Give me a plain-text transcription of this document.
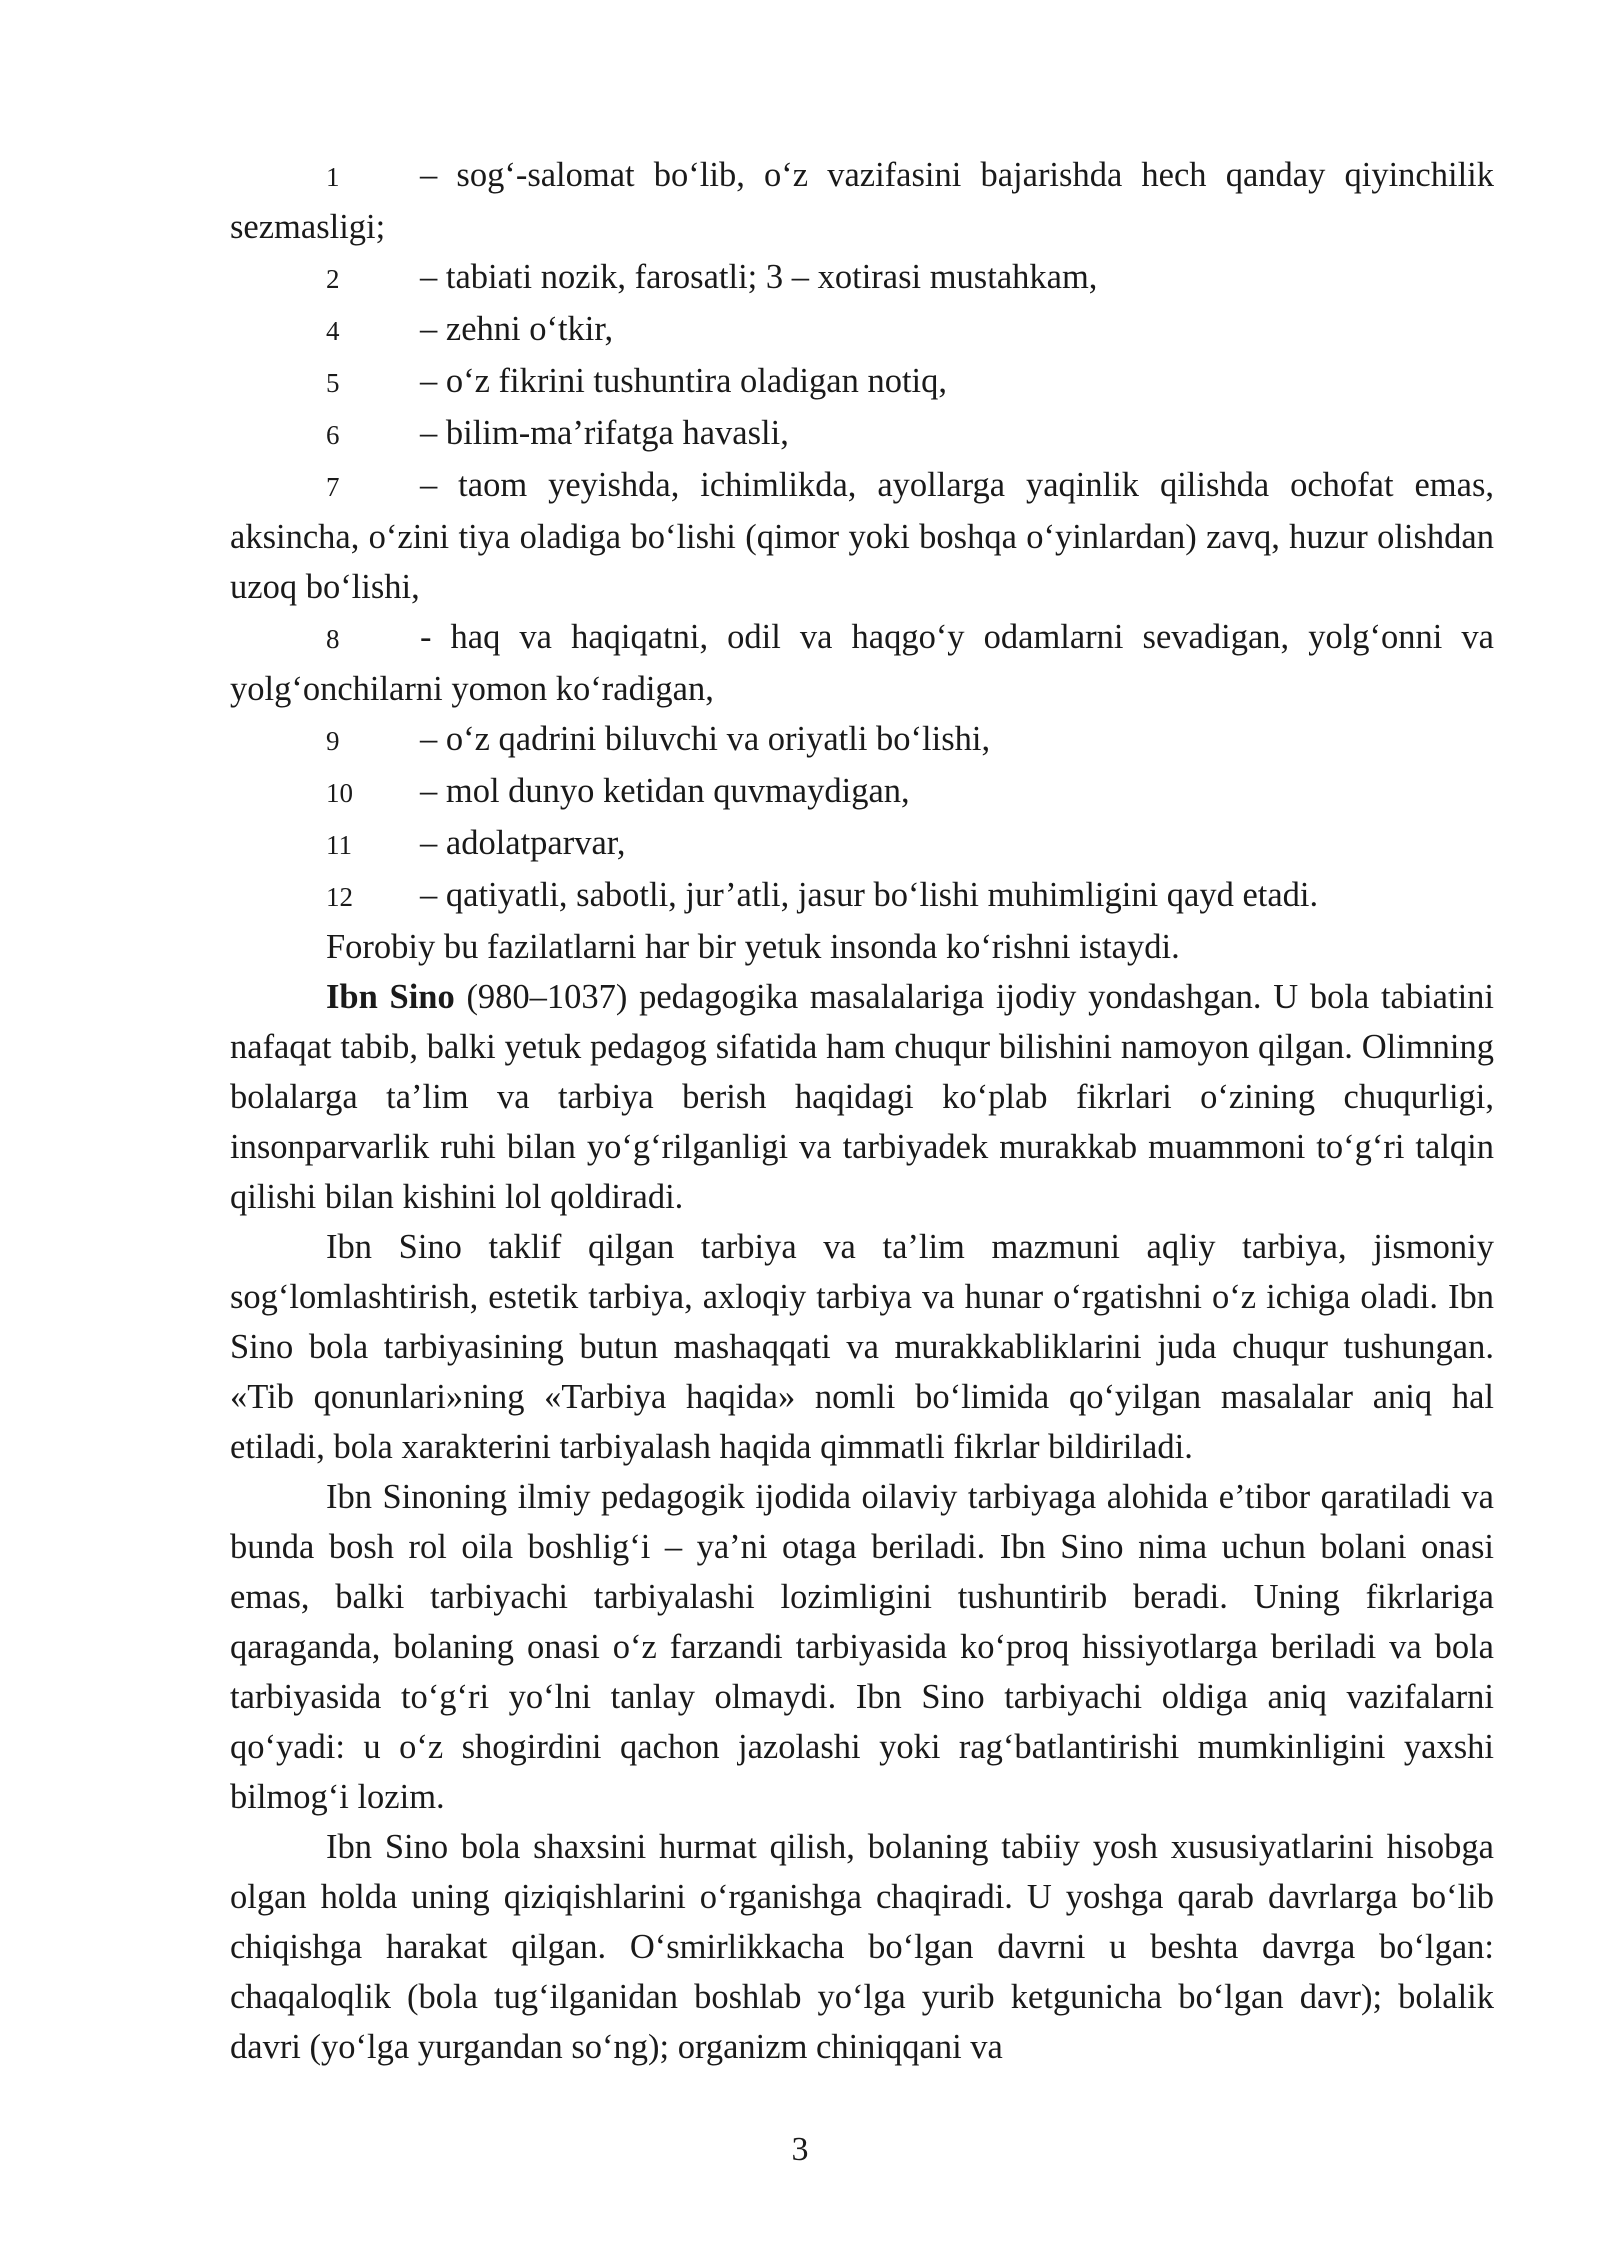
1 – sog‘-salomat bo‘lib, o‘z vazifasini bajarishda hech qanday qiyinchilik sezmasligi;
2 – tabiati nozik, farosatli; 3 – xotirasi mustahkam,
4 – zehni o‘tkir,
5 – o‘z fikrini tushuntira oladigan notiq,
6 – bilim-ma’rifatga havasli,
7 – taom yeyishda, ichimlikda, ayollarga yaqinlik qilishda ochofat emas, aksincha, o‘zini tiya oladiga bo‘lishi (qimor yoki boshqa o‘yinlardan) zavq, huzur olishdan uzoq bo‘lishi,
8 - haq va haqiqatni, odil va haqgo‘y odamlarni sevadigan, yolg‘onni va yolg‘onchilarni yomon ko‘radigan,
9 – o‘z qadrini biluvchi va oriyatli bo‘lishi,
10 – mol dunyo ketidan quvmaydigan,
11 – adolatparvar,
12 – qatiyatli, sabotli, jur’atli, jasur bo‘lishi muhimligini qayd etadi.
Forobiy bu fazilatlarni har bir yetuk insonda ko‘rishni istaydi.
Ibn Sino (980–1037) pedagogika masalalariga ijodiy yondashgan. U bola tabiatini nafaqat tabib, balki yetuk pedagog sifatida ham chuqur bilishini namoyon qilgan. Olimning bolalarga ta’lim va tarbiya berish haqidagi ko‘plab fikrlari o‘zining chuqurligi, insonparvarlik ruhi bilan yo‘g‘rilganligi va tarbiyadek murakkab muammoni to‘g‘ri talqin qilishi bilan kishini lol qoldiradi.
Ibn Sino taklif qilgan tarbiya va ta’lim mazmuni aqliy tarbiya, jismoniy sog‘lomlashtirish, estetik tarbiya, axloqiy tarbiya va hunar o‘rgatishni o‘z ichiga oladi. Ibn Sino bola tarbiyasining butun mashaqqati va murakkabliklarini juda chuqur tushungan. «Tib qonunlari»ning «Tarbiya haqida» nomli bo‘limida qo‘yilgan masalalar aniq hal etiladi, bola xarakterini tarbiyalash haqida qimmatli fikrlar bildiriladi.
Ibn Sinoning ilmiy pedagogik ijodida oilaviy tarbiyaga alohida e’tibor qaratiladi va bunda bosh rol oila boshlig‘i – ya’ni otaga beriladi. Ibn Sino nima uchun bolani onasi emas, balki tarbiyachi tarbiyalashi lozimligini tushuntirib beradi. Uning fikrlariga qaraganda, bolaning onasi o‘z farzandi tarbiyasida ko‘proq hissiyotlarga beriladi va bola tarbiyasida to‘g‘ri yo‘lni tanlay olmaydi. Ibn Sino tarbiyachi oldiga aniq vazifalarni qo‘yadi: u o‘z shogirdini qachon jazolashi yoki rag‘batlantirishi mumkinligini yaxshi bilmog‘i lozim.
Ibn Sino bola shaxsini hurmat qilish, bolaning tabiiy yosh xususiyatlarini hisobga olgan holda uning qiziqishlarini o‘rganishga chaqiradi. U yoshga qarab davrlarga bo‘lib chiqishga harakat qilgan. O‘smirlikkacha bo‘lgan davrni u beshta davrga bo‘lgan: chaqaloqlik (bola tug‘ilganidan boshlab yo‘lga yurib ketgunicha bo‘lgan davr); bolalik davri (yo‘lga yurgandan so‘ng); organizm chiniqqani va
3
